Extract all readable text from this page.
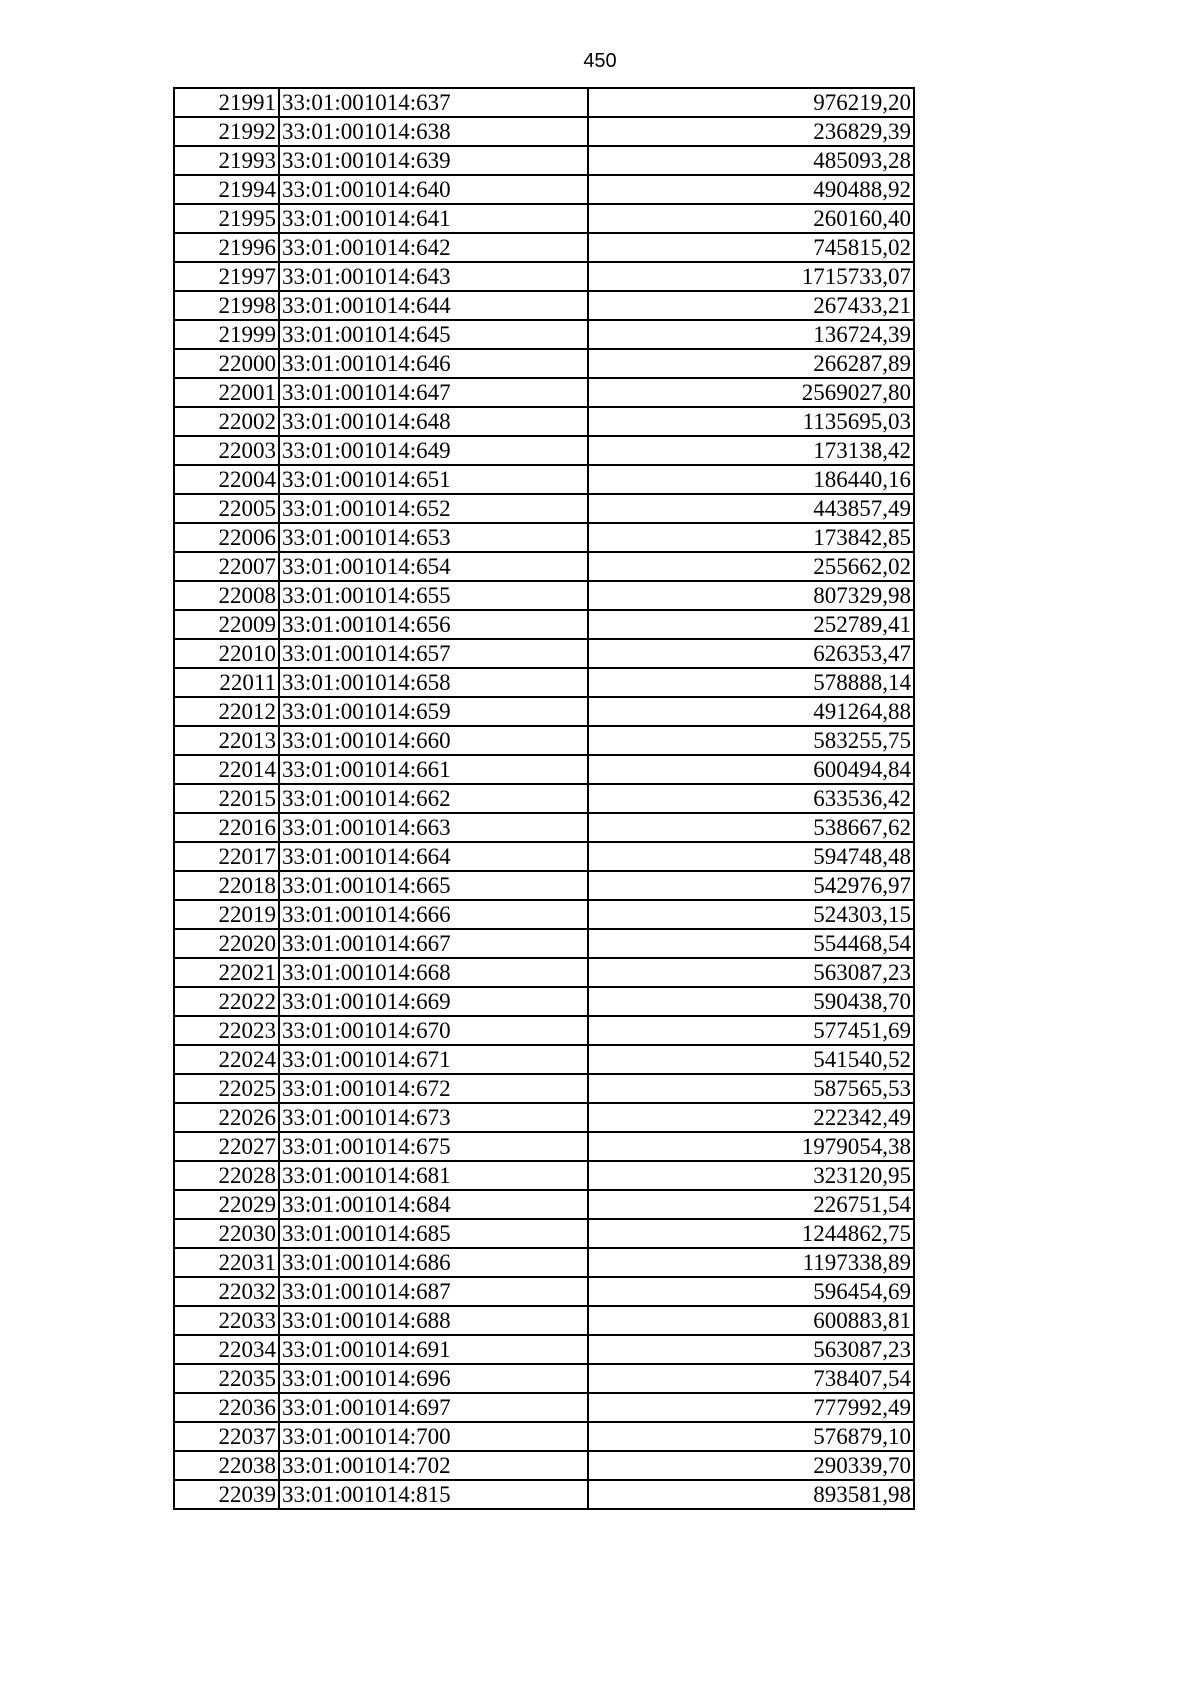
450
21991	33:01:001014:637	976219,20
21992	33:01:001014:638	236829,39
21993	33:01:001014:639	485093,28
21994	33:01:001014:640	490488,92
21995	33:01:001014:641	260160,40
21996	33:01:001014:642	745815,02
21997	33:01:001014:643	1715733,07
21998	33:01:001014:644	267433,21
21999	33:01:001014:645	136724,39
22000	33:01:001014:646	266287,89
22001	33:01:001014:647	2569027,80
22002	33:01:001014:648	1135695,03
22003	33:01:001014:649	173138,42
22004	33:01:001014:651	186440,16
22005	33:01:001014:652	443857,49
22006	33:01:001014:653	173842,85
22007	33:01:001014:654	255662,02
22008	33:01:001014:655	807329,98
22009	33:01:001014:656	252789,41
22010	33:01:001014:657	626353,47
22011	33:01:001014:658	578888,14
22012	33:01:001014:659	491264,88
22013	33:01:001014:660	583255,75
22014	33:01:001014:661	600494,84
22015	33:01:001014:662	633536,42
22016	33:01:001014:663	538667,62
22017	33:01:001014:664	594748,48
22018	33:01:001014:665	542976,97
22019	33:01:001014:666	524303,15
22020	33:01:001014:667	554468,54
22021	33:01:001014:668	563087,23
22022	33:01:001014:669	590438,70
22023	33:01:001014:670	577451,69
22024	33:01:001014:671	541540,52
22025	33:01:001014:672	587565,53
22026	33:01:001014:673	222342,49
22027	33:01:001014:675	1979054,38
22028	33:01:001014:681	323120,95
22029	33:01:001014:684	226751,54
22030	33:01:001014:685	1244862,75
22031	33:01:001014:686	1197338,89
22032	33:01:001014:687	596454,69
22033	33:01:001014:688	600883,81
22034	33:01:001014:691	563087,23
22035	33:01:001014:696	738407,54
22036	33:01:001014:697	777992,49
22037	33:01:001014:700	576879,10
22038	33:01:001014:702	290339,70
22039	33:01:001014:815	893581,98
